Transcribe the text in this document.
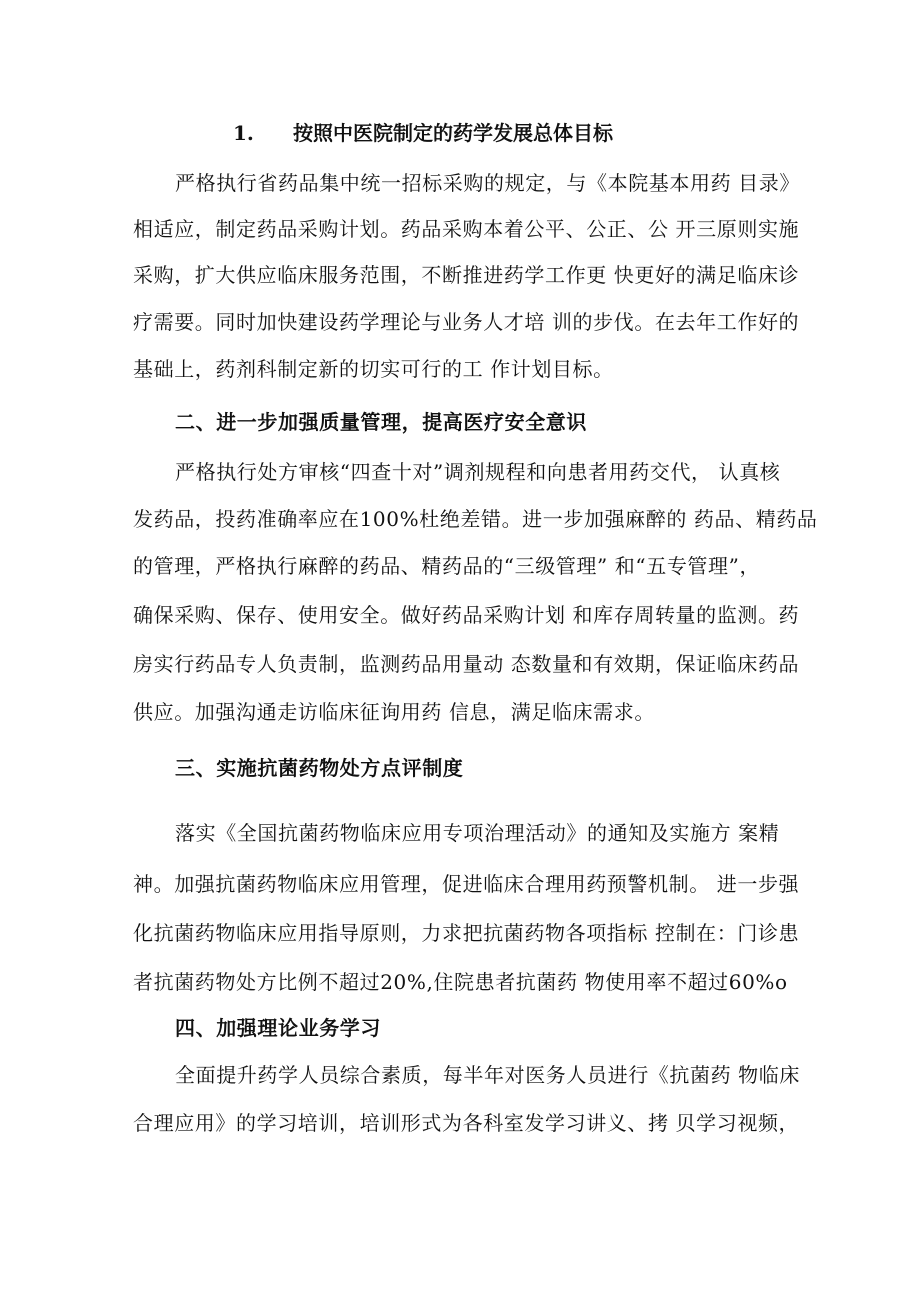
1. 按照中医院制定的药学发展总体目标
严格执行省药品集中统一招标采购的规定，与《本院基本用药 目录》
相适应，制定药品采购计划。药品采购本着公平、公正、公 开三原则实施
采购，扩大供应临床服务范围，不断推进药学工作更 快更好的满足临床诊
疗需要。同时加快建设药学理论与业务人才培 训的步伐。在去年工作好的
基础上，药剂科制定新的切实可行的工 作计划目标。
二、进一步加强质量管理，提高医疗安全意识
严格执行处方审核“四查十对”调剂规程和向患者用药交代， 认真核
发药品，投药准确率应在100%杜绝差错。进一步加强麻醉的 药品、精药品
的管理，严格执行麻醉的药品、精药品的“三级管理” 和“五专管理”，
确保采购、保存、使用安全。做好药品采购计划 和库存周转量的监测。药
房实行药品专人负责制，监测药品用量动 态数量和有效期，保证临床药品
供应。加强沟通走访临床征询用药 信息，满足临床需求。
三、实施抗菌药物处方点评制度
落实《全国抗菌药物临床应用专项治理活动》的通知及实施方 案精
神。加强抗菌药物临床应用管理，促进临床合理用药预警机制。 进一步强
化抗菌药物临床应用指导原则，力求把抗菌药物各项指标 控制在：门诊患
者抗菌药物处方比例不超过20%,住院患者抗菌药 物使用率不超过60%o
四、加强理论业务学习
全面提升药学人员综合素质，每半年对医务人员进行《抗菌药 物临床
合理应用》的学习培训，培训形式为各科室发学习讲义、拷 贝学习视频，
